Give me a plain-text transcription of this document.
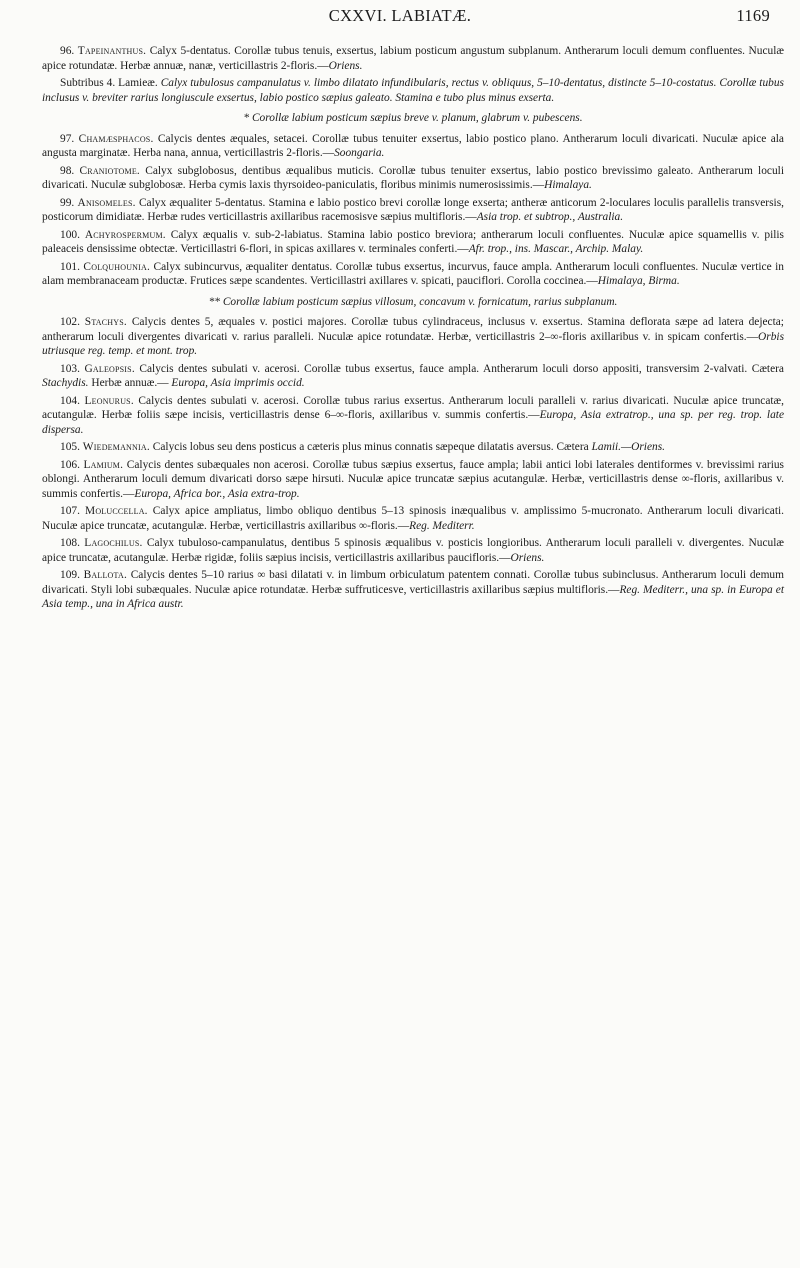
CXXVI. LABIATÆ.	1169

96. Tapeinanthus. Calyx 5-dentatus. Corollæ tubus tenuis, exsertus, labium posticum angustum subplanum. Antherarum loculi demum confluentes. Nuculæ apice rotundatæ. Herbæ annuæ, nanæ, verticillastris 2-floris.—Oriens.

Subtribus 4. Lamieæ. Calyx tubulosus campanulatus v. limbo dilatato infundibularis, rectus v. obliquus, 5–10-dentatus, distincte 5–10-costatus. Corollæ tubus inclusus v. breviter rarius longiuscule exsertus, labio postico sæpius galeato. Stamina e tubo plus minus exserta.

* Corollæ labium posticum sæpius breve v. planum, glabrum v. pubescens.

97. Chamæsphacos. Calycis dentes æquales, setacei. Corollæ tubus tenuiter exsertus, labio postico plano. Antherarum loculi divaricati. Nuculæ apice ala angusta marginatæ. Herba nana, annua, verticillastris 2-floris.—Soongaria.

98. Craniotome. Calyx subglobosus, dentibus æqualibus muticis. Corollæ tubus tenuiter exsertus, labio postico brevissimo galeato. Antherarum loculi divaricati. Nuculæ subglobosæ. Herba cymis laxis thyrsoideo-paniculatis, floribus minimis numerosissimis.—Himalaya.

99. Anisomeles. Calyx æqualiter 5-dentatus. Stamina e labio postico brevi corollæ longe exserta; antheræ anticorum 2-loculares loculis parallelis transversis, posticorum dimidiatæ. Herbæ rudes verticillastris axillaribus racemosisve sæpius multifloris.—Asia trop. et subtrop., Australia.

100. Achyrospermum. Calyx æqualis v. sub-2-labiatus. Stamina labio postico breviora; antherarum loculi confluentes. Nuculæ apice squamellis v. pilis paleaceis densissime obtectæ. Verticillastri 6-flori, in spicas axillares v. terminales conferti.—Afr. trop., ins. Mascar., Archip. Malay.

101. Colquhounia. Calyx subincurvus, æqualiter dentatus. Corollæ tubus exsertus, incurvus, fauce ampla. Antherarum loculi confluentes. Nuculæ vertice in alam membranaceam productæ. Frutices sæpe scandentes. Verticillastri axillares v. spicati, pauciflori. Corolla coccinea.—Himalaya, Birma.

** Corollæ labium posticum sæpius villosum, concavum v. fornicatum, rarius subplanum.

102. Stachys. Calycis dentes 5, æquales v. postici majores. Corollæ tubus cylindraceus, inclusus v. exsertus. Stamina deflorata sæpe ad latera dejecta; antherarum loculi divergentes divaricati v. rarius paralleli. Nuculæ apice rotundatæ. Herbæ, verticillastris 2–∞-floris axillaribus v. in spicam confertis.—Orbis utriusque reg. temp. et mont. trop.

103. Galeopsis. Calycis dentes subulati v. acerosi. Corollæ tubus exsertus, fauce ampla. Antherarum loculi dorso appositi, transversim 2-valvati. Cætera Stachydis. Herbæ annuæ.— Europa, Asia imprimis occid.

104. Leonurus. Calycis dentes subulati v. acerosi. Corollæ tubus rarius exsertus. Antherarum loculi paralleli v. rarius divaricati. Nuculæ apice truncatæ, acutangulæ. Herbæ foliis sæpe incisis, verticillastris dense 6–∞-floris, axillaribus v. summis confertis.—Europa, Asia extratrop., una sp. per reg. trop. late dispersa.

105. Wiedemannia. Calycis lobus seu dens posticus a cæteris plus minus connatis sæpeque dilatatis aversus. Cætera Lamii.—Oriens.

106. Lamium. Calycis dentes subæquales non acerosi. Corollæ tubus sæpius exsertus, fauce ampla; labii antici lobi laterales dentiformes v. brevissimi rarius oblongi. Antherarum loculi demum divaricati dorso sæpe hirsuti. Nuculæ apice truncatæ sæpius acutangulæ. Herbæ, verticillastris dense ∞-floris, axillaribus v. summis confertis.—Europa, Africa bor., Asia extra-trop.

107. Moluccella. Calyx apice ampliatus, limbo obliquo dentibus 5–13 spinosis inæqualibus v. amplissimo 5-mucronato. Antherarum loculi divaricati. Nuculæ apice truncatæ, acutangulæ. Herbæ, verticillastris axillaribus ∞-floris.—Reg. Mediterr.

108. Lagochilus. Calyx tubuloso-campanulatus, dentibus 5 spinosis æqualibus v. posticis longioribus. Antherarum loculi paralleli v. divergentes. Nuculæ apice truncatæ, acutangulæ. Herbæ rigidæ, foliis sæpius incisis, verticillastris axillaribus paucifloris.—Oriens.

109. Ballota. Calycis dentes 5–10 rarius ∞ basi dilatati v. in limbum orbiculatum patentem connati. Corollæ tubus subinclusus. Antherarum loculi demum divaricati. Styli lobi subæquales. Nuculæ apice rotundatæ. Herbæ suffruticesve, verticillastris axillaribus sæpius multifloris.—Reg. Mediterr., una sp. in Europa et Asia temp., una in Africa austr.
